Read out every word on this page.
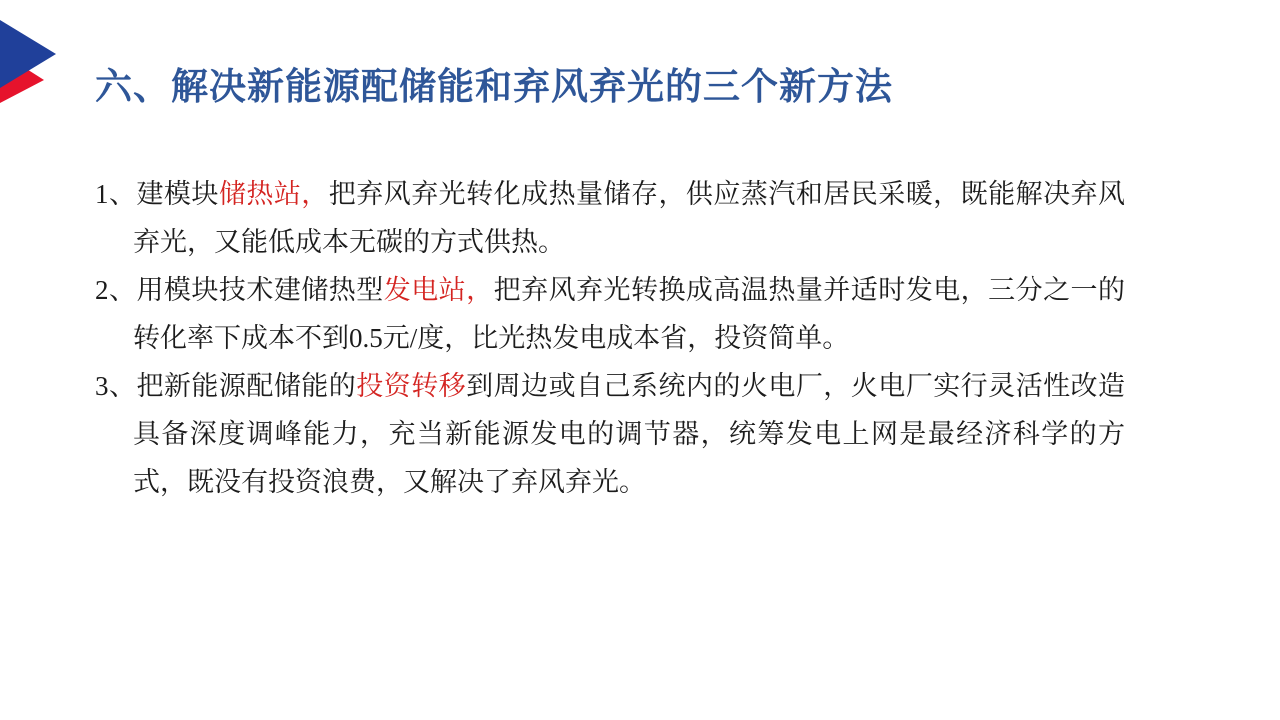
六、解决新能源配储能和弃风弃光的三个新方法

1、建模块储热站，把弃风弃光转化成热量储存，供应蒸汽和居民采暖，既能解决弃风弃光，又能低成本无碳的方式供热。

2、用模块技术建储热型发电站，把弃风弃光转换成高温热量并适时发电，三分之一的转化率下成本不到0.5元/度，比光热发电成本省，投资简单。

3、把新能源配储能的投资转移到周边或自己系统内的火电厂，火电厂实行灵活性改造具备深度调峰能力，充当新能源发电的调节器，统筹发电上网是最经济科学的方式，既没有投资浪费，又解决了弃风弃光。
